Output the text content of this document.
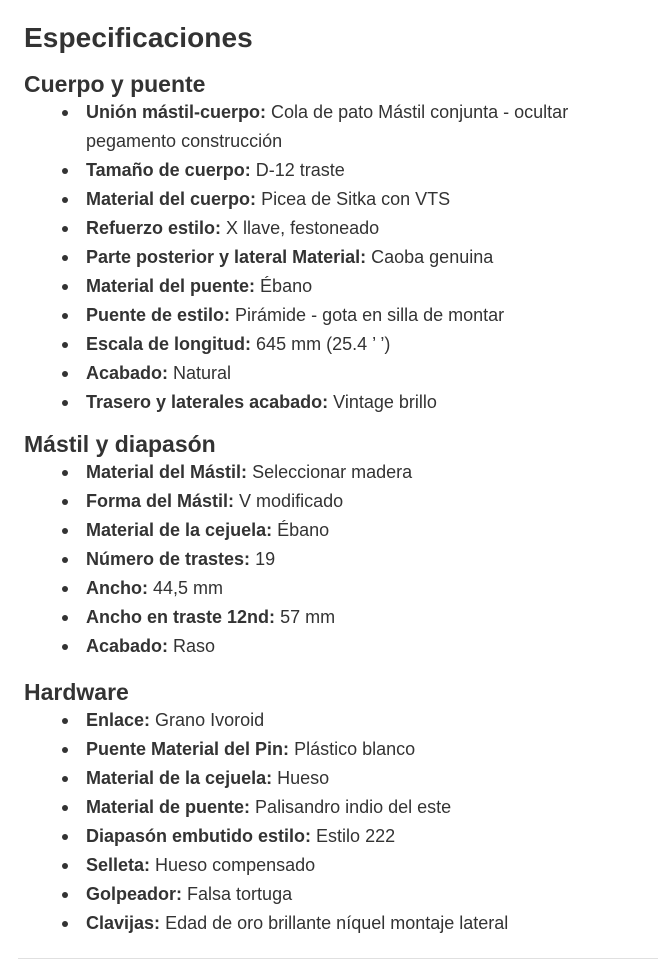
Especificaciones
Cuerpo y puente
Unión mástil-cuerpo: Cola de pato Mástil conjunta - ocultar pegamento construcción
Tamaño de cuerpo: D-12 traste
Material del cuerpo: Picea de Sitka con VTS
Refuerzo estilo: X llave, festoneado
Parte posterior y lateral Material: Caoba genuina
Material del puente: Ébano
Puente de estilo: Pirámide - gota en silla de montar
Escala de longitud: 645 mm (25.4 ’ ’)
Acabado: Natural
Trasero y laterales acabado: Vintage brillo
Mástil y diapasón
Material del Mástil: Seleccionar madera
Forma del Mástil: V modificado
Material de la cejuela: Ébano
Número de trastes: 19
Ancho: 44,5 mm
Ancho en traste 12nd: 57 mm
Acabado: Raso
Hardware
Enlace: Grano Ivoroid
Puente Material del Pin: Plástico blanco
Material de la cejuela: Hueso
Material de puente: Palisandro indio del este
Diapasón embutido estilo: Estilo 222
Selleta: Hueso compensado
Golpeador: Falsa tortuga
Clavijas: Edad de oro brillante níquel montaje lateral
